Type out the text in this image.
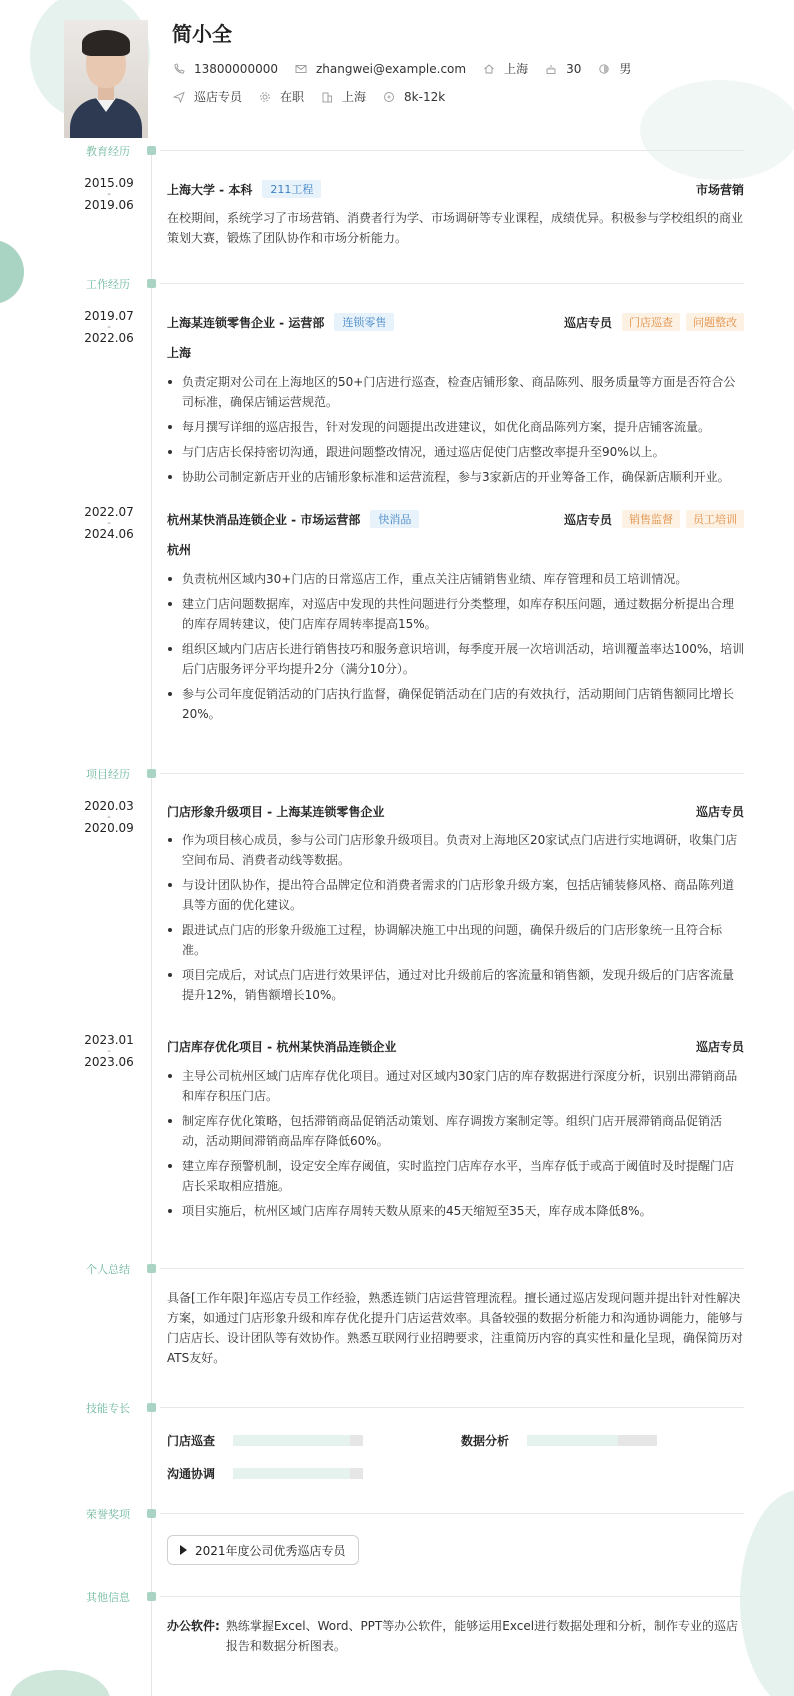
简小全
13800000000	zhangwei@example.com	上海	30	男
巡店专员	在职	上海	8k-12k
教育经历
2015.09
-
2019.06
上海大学 - 本科	211工程	市场营销
在校期间，系统学习了市场营销、消费者行为学、市场调研等专业课程，成绩优异。积极参与学校组织的商业策划大赛，锻炼了团队协作和市场分析能力。
工作经历
2019.07
-
2022.06
上海某连锁零售企业 - 运营部	连锁零售	巡店专员	门店巡查	问题整改
上海
负责定期对公司在上海地区的50+门店进行巡查，检查店铺形象、商品陈列、服务质量等方面是否符合公司标准，确保店铺运营规范。
每月撰写详细的巡店报告，针对发现的问题提出改进建议，如优化商品陈列方案，提升店铺客流量。
与门店店长保持密切沟通，跟进问题整改情况，通过巡店促使门店整改率提升至90%以上。
协助公司制定新店开业的店铺形象标准和运营流程，参与3家新店的开业筹备工作，确保新店顺利开业。
2022.07
-
2024.06
杭州某快消品连锁企业 - 市场运营部	快消品	巡店专员	销售监督	员工培训
杭州
负责杭州区域内30+门店的日常巡店工作，重点关注店铺销售业绩、库存管理和员工培训情况。
建立门店问题数据库，对巡店中发现的共性问题进行分类整理，如库存积压问题，通过数据分析提出合理的库存周转建议，使门店库存周转率提高15%。
组织区域内门店店长进行销售技巧和服务意识培训，每季度开展一次培训活动，培训覆盖率达100%，培训后门店服务评分平均提升2分（满分10分）。
参与公司年度促销活动的门店执行监督，确保促销活动在门店的有效执行，活动期间门店销售额同比增长20%。
项目经历
2020.03
-
2020.09
门店形象升级项目 - 上海某连锁零售企业	巡店专员
作为项目核心成员，参与公司门店形象升级项目。负责对上海地区20家试点门店进行实地调研，收集门店空间布局、消费者动线等数据。
与设计团队协作，提出符合品牌定位和消费者需求的门店形象升级方案，包括店铺装修风格、商品陈列道具等方面的优化建议。
跟进试点门店的形象升级施工过程，协调解决施工中出现的问题，确保升级后的门店形象统一且符合标准。
项目完成后，对试点门店进行效果评估，通过对比升级前后的客流量和销售额，发现升级后的门店客流量提升12%，销售额增长10%。
2023.01
-
2023.06
门店库存优化项目 - 杭州某快消品连锁企业	巡店专员
主导公司杭州区域门店库存优化项目。通过对区域内30家门店的库存数据进行深度分析，识别出滞销商品和库存积压门店。
制定库存优化策略，包括滞销商品促销活动策划、库存调拨方案制定等。组织门店开展滞销商品促销活动，活动期间滞销商品库存降低60%。
建立库存预警机制，设定安全库存阈值，实时监控门店库存水平，当库存低于或高于阈值时及时提醒门店店长采取相应措施。
项目实施后，杭州区域门店库存周转天数从原来的45天缩短至35天，库存成本降低8%。
个人总结
具备[工作年限]年巡店专员工作经验，熟悉连锁门店运营管理流程。擅长通过巡店发现问题并提出针对性解决方案，如通过门店形象升级和库存优化提升门店运营效率。具备较强的数据分析能力和沟通协调能力，能够与门店店长、设计团队等有效协作。熟悉互联网行业招聘要求，注重简历内容的真实性和量化呈现，确保简历对ATS友好。
技能专长
门店巡查	数据分析
沟通协调
荣誉奖项
2021年度公司优秀巡店专员
其他信息
办公软件: 熟练掌握Excel、Word、PPT等办公软件，能够运用Excel进行数据处理和分析，制作专业的巡店报告和数据分析图表。
